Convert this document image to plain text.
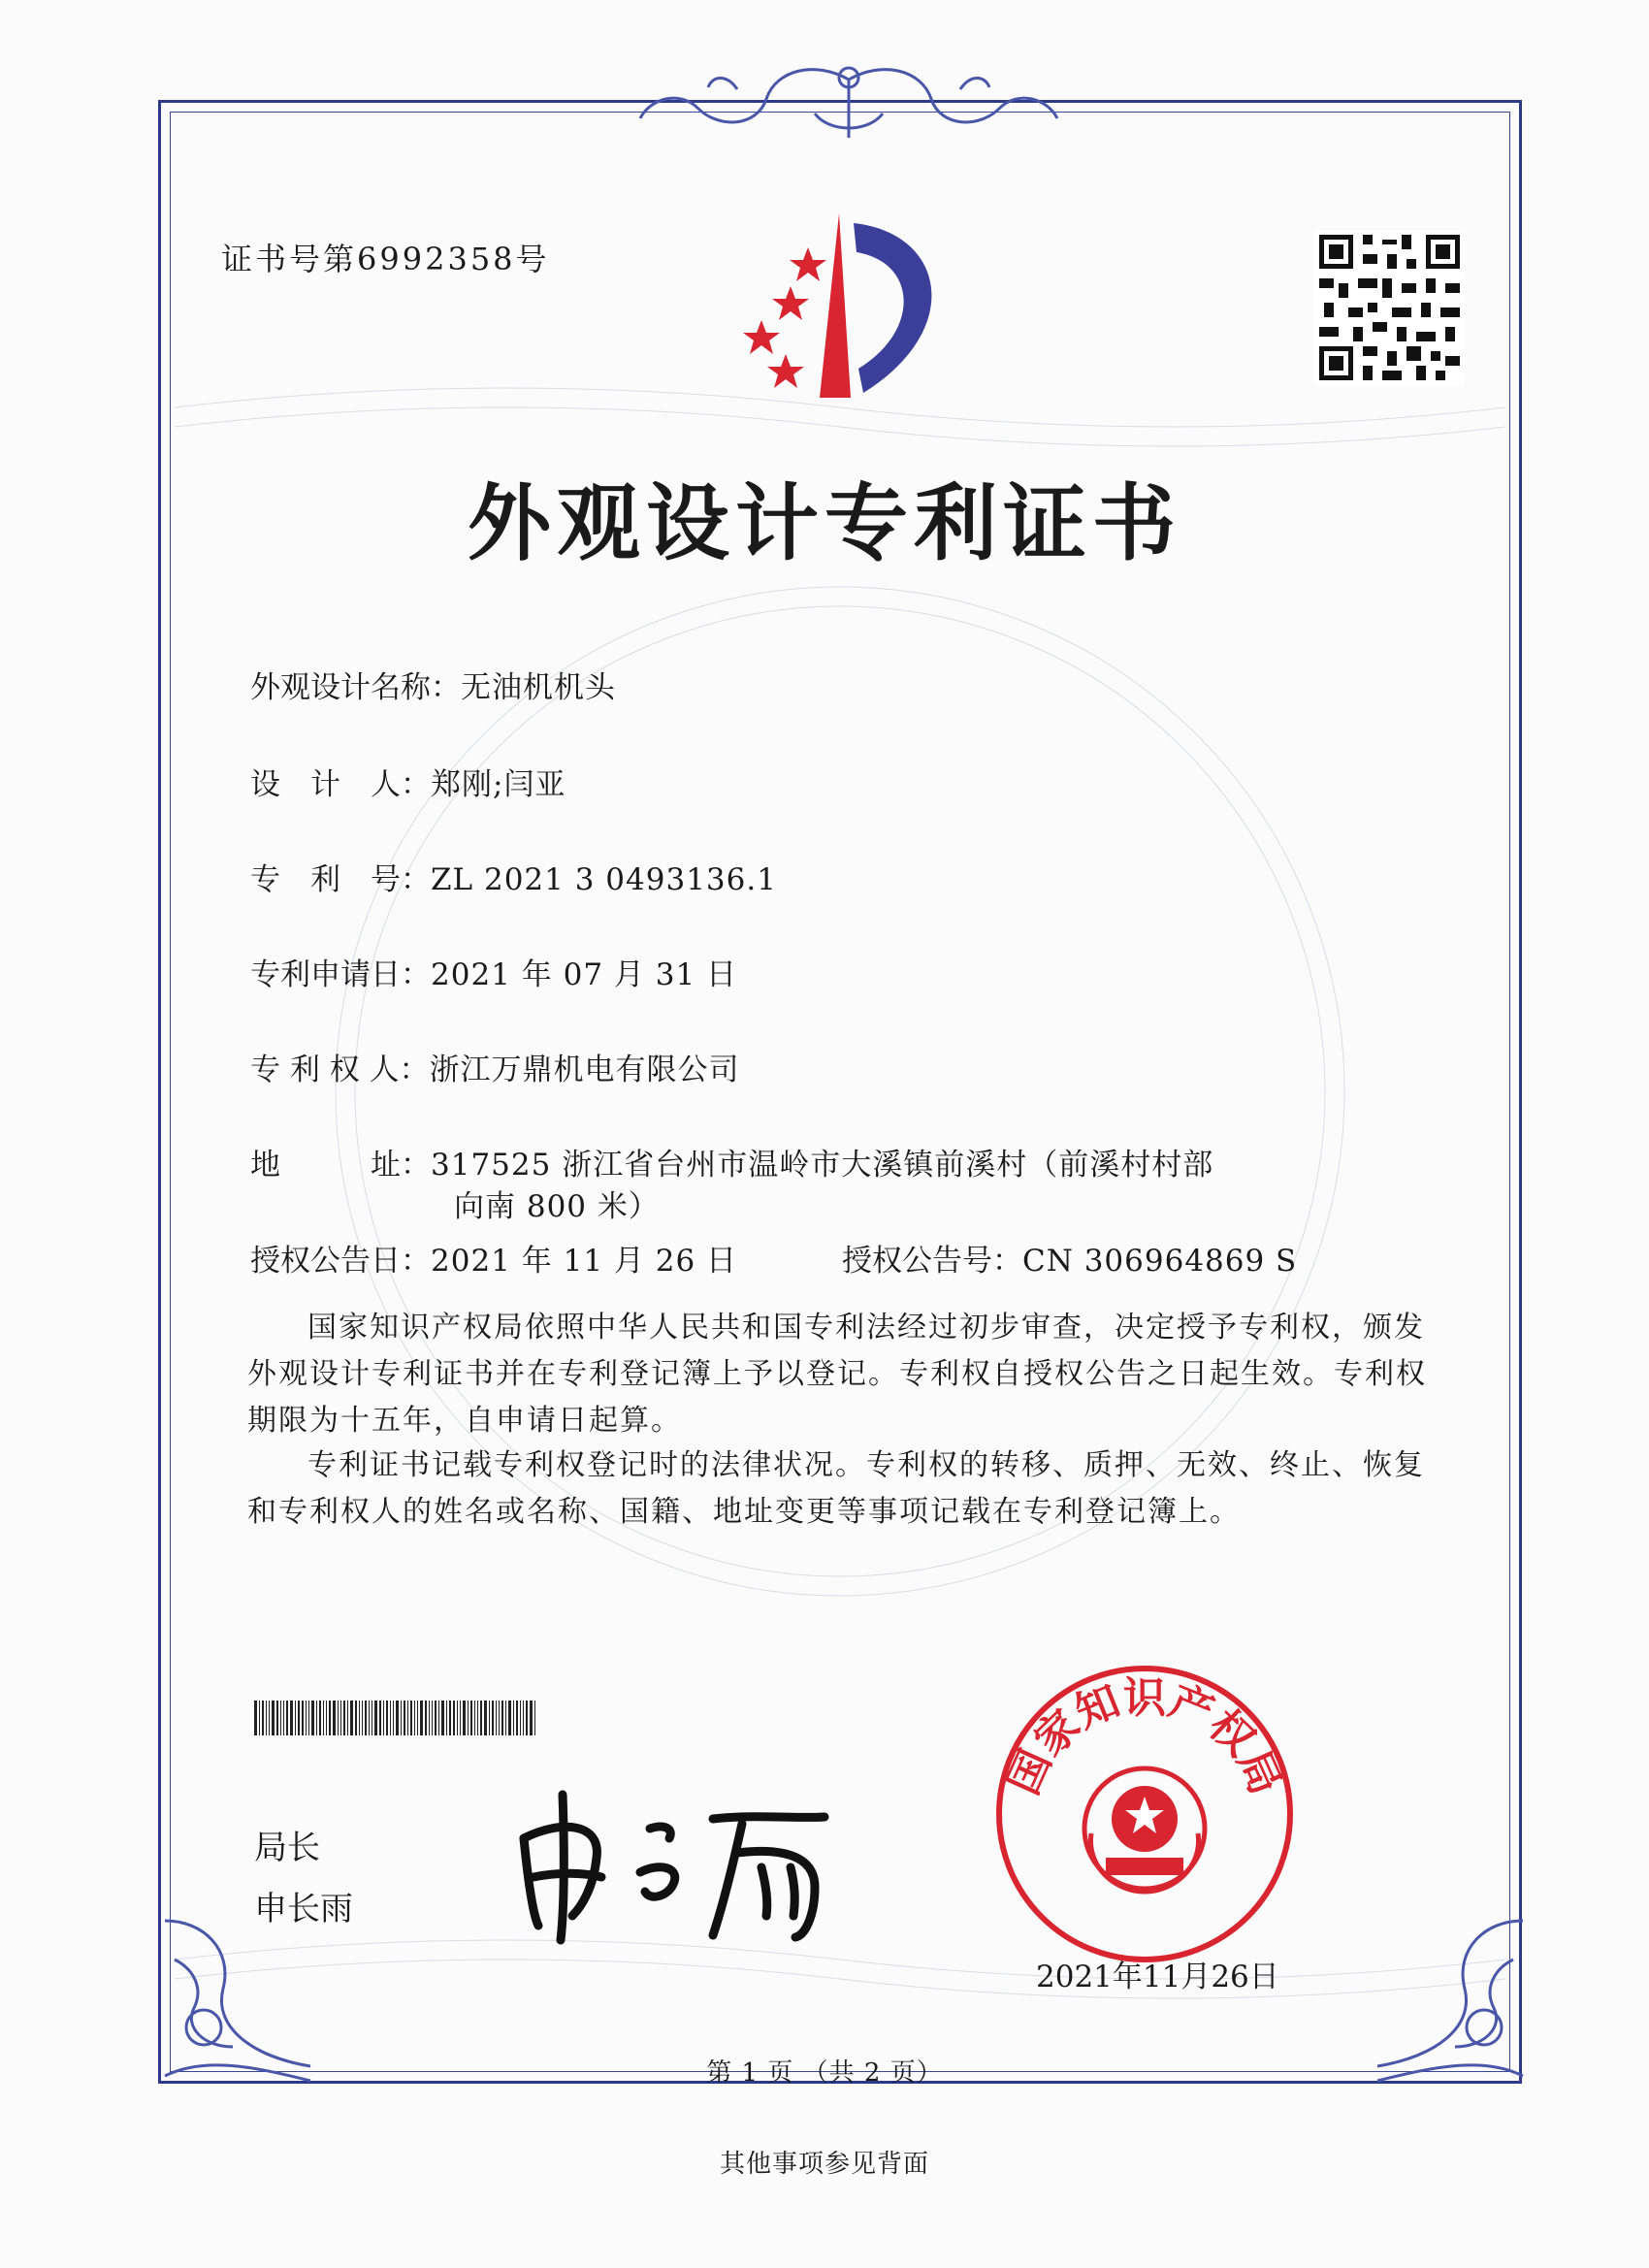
证书号第6992358号
外观设计专利证书
外观设计名称：无油机机头
设　计　人：郑刚;闫亚
专　利　号：ZL 2021 3 0493136.1
专利申请日：2021 年 07 月 31 日
专 利 权 人：浙江万鼎机电有限公司
地　　　址：317525 浙江省台州市温岭市大溪镇前溪村（前溪村村部
向南 800 米）
授权公告日：2021 年 11 月 26 日	授权公告号：CN 306964869 S
国家知识产权局依照中华人民共和国专利法经过初步审查，决定授予专利权，颁发外观设计专利证书并在专利登记簿上予以登记。专利权自授权公告之日起生效。专利权期限为十五年，自申请日起算。
专利证书记载专利权登记时的法律状况。专利权的转移、质押、无效、终止、恢复和专利权人的姓名或名称、国籍、地址变更等事项记载在专利登记簿上。
局长
申长雨
国家知识产权局
2021年11月26日
第 1 页 （共 2 页）
其他事项参见背面
